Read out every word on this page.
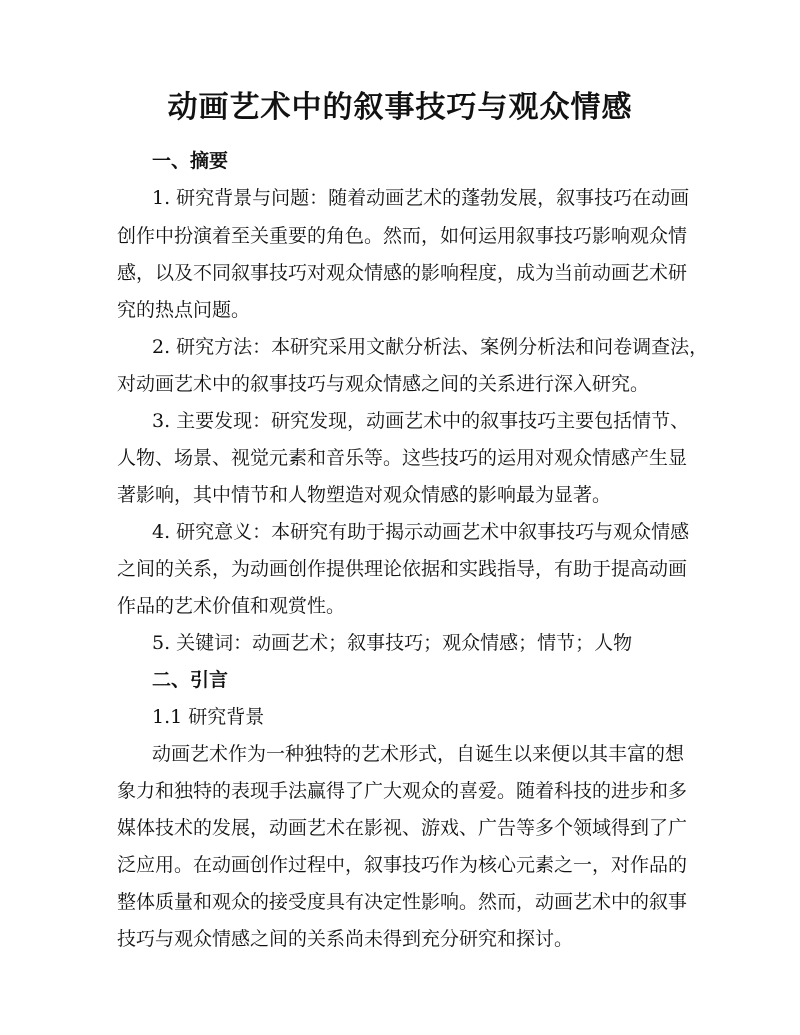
动画艺术中的叙事技巧与观众情感
一、摘要
1. 研究背景与问题：随着动画艺术的蓬勃发展，叙事技巧在动画
创作中扮演着至关重要的角色。然而，如何运用叙事技巧影响观众情
感，以及不同叙事技巧对观众情感的影响程度，成为当前动画艺术研
究的热点问题。
2. 研究方法：本研究采用文献分析法、案例分析法和问卷调查法，
对动画艺术中的叙事技巧与观众情感之间的关系进行深入研究。
3. 主要发现：研究发现，动画艺术中的叙事技巧主要包括情节、
人物、场景、视觉元素和音乐等。这些技巧的运用对观众情感产生显
著影响，其中情节和人物塑造对观众情感的影响最为显著。
4. 研究意义：本研究有助于揭示动画艺术中叙事技巧与观众情感
之间的关系，为动画创作提供理论依据和实践指导，有助于提高动画
作品的艺术价值和观赏性。
5. 关键词：动画艺术；叙事技巧；观众情感；情节；人物
二、引言
1.1 研究背景
动画艺术作为一种独特的艺术形式，自诞生以来便以其丰富的想
象力和独特的表现手法赢得了广大观众的喜爱。随着科技的进步和多
媒体技术的发展，动画艺术在影视、游戏、广告等多个领域得到了广
泛应用。在动画创作过程中，叙事技巧作为核心元素之一，对作品的
整体质量和观众的接受度具有决定性影响。然而，动画艺术中的叙事
技巧与观众情感之间的关系尚未得到充分研究和探讨。
